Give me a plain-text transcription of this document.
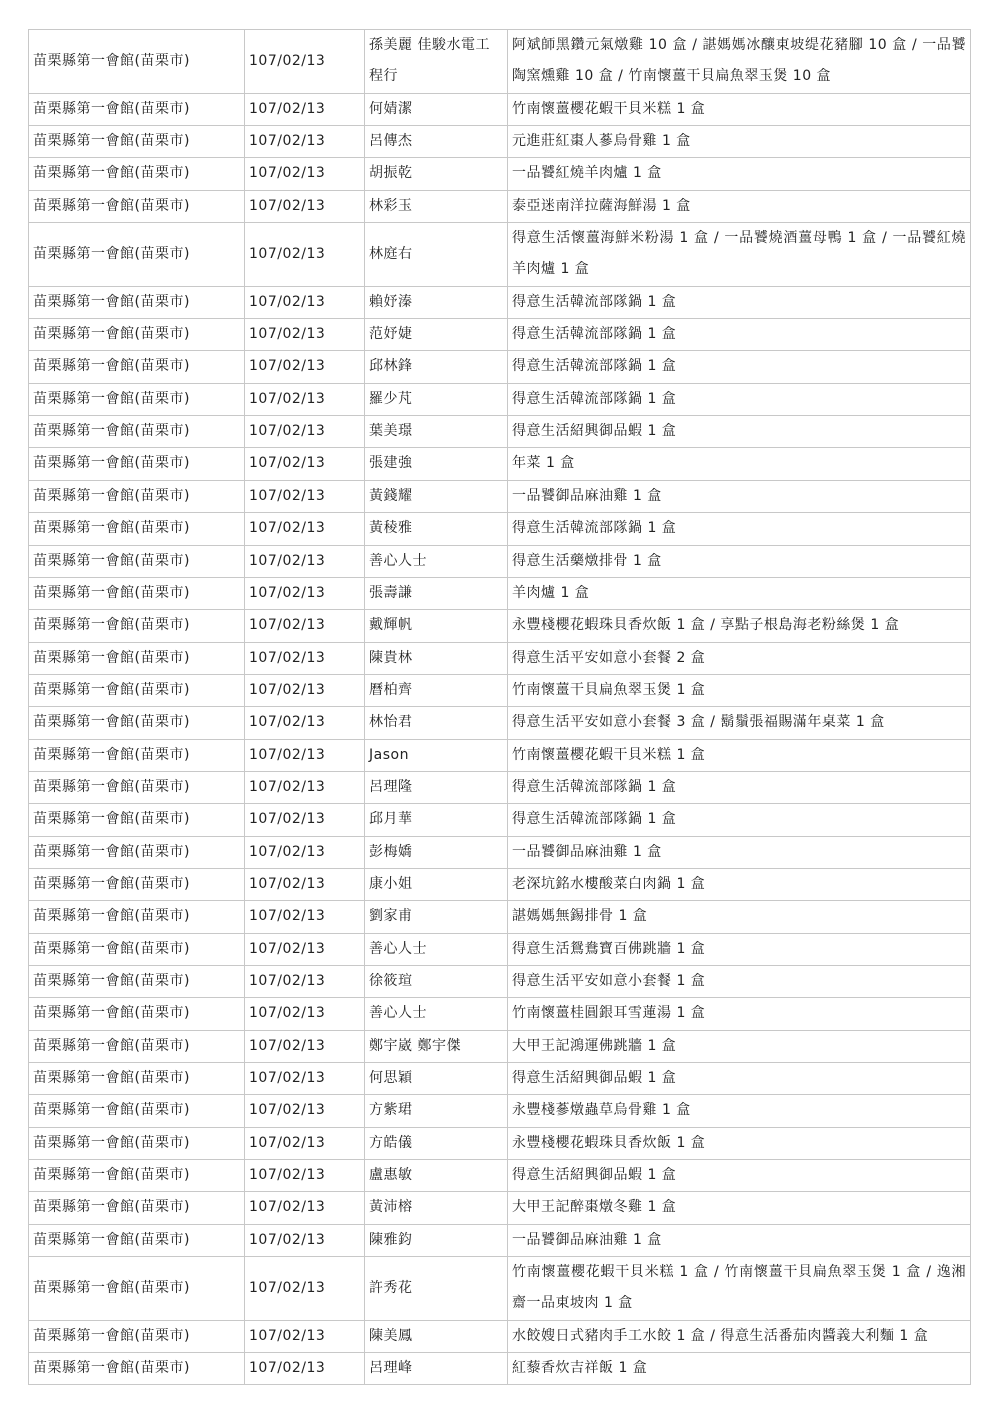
苗栗縣第一會館(苗栗市)	107/02/13	孫美麗 佳駿水電工程行	阿斌師黑鑽元氣燉雞 10 盒 / 諶媽媽冰釀東坡缇花豬腳 10 盒 / 一品饕陶窯燻雞 10 盒 / 竹南懷薑干貝扁魚翠玉煲 10 盒
苗栗縣第一會館(苗栗市)	107/02/13	何婧潔	竹南懷薑櫻花蝦干貝米糕 1 盒
苗栗縣第一會館(苗栗市)	107/02/13	呂傳杰	元進莊紅棗人蔘烏骨雞 1 盒
苗栗縣第一會館(苗栗市)	107/02/13	胡振乾	一品饕紅燒羊肉爐 1 盒
苗栗縣第一會館(苗栗市)	107/02/13	林彩玉	泰亞迷南洋拉薩海鮮湯 1 盒
苗栗縣第一會館(苗栗市)	107/02/13	林庭右	得意生活懷薑海鮮米粉湯 1 盒 / 一品饕燒酒薑母鴨 1 盒 / 一品饕紅燒羊肉爐 1 盒
苗栗縣第一會館(苗栗市)	107/02/13	賴妤溱	得意生活韓流部隊鍋 1 盒
苗栗縣第一會館(苗栗市)	107/02/13	范妤婕	得意生活韓流部隊鍋 1 盒
苗栗縣第一會館(苗栗市)	107/02/13	邱林鋒	得意生活韓流部隊鍋 1 盒
苗栗縣第一會館(苗栗市)	107/02/13	羅少芃	得意生活韓流部隊鍋 1 盒
苗栗縣第一會館(苗栗市)	107/02/13	葉美璟	得意生活紹興御品蝦 1 盒
苗栗縣第一會館(苗栗市)	107/02/13	張建強	年菜 1 盒
苗栗縣第一會館(苗栗市)	107/02/13	黃錢耀	一品饕御品麻油雞 1 盒
苗栗縣第一會館(苗栗市)	107/02/13	黃稜雅	得意生活韓流部隊鍋 1 盒
苗栗縣第一會館(苗栗市)	107/02/13	善心人士	得意生活藥燉排骨 1 盒
苗栗縣第一會館(苗栗市)	107/02/13	張壽謙	羊肉爐 1 盒
苗栗縣第一會館(苗栗市)	107/02/13	戴輝帆	永豐棧櫻花蝦珠貝香炊飯 1 盒 / 享點子根島海老粉絲煲 1 盒
苗栗縣第一會館(苗栗市)	107/02/13	陳貴林	得意生活平安如意小套餐 2 盒
苗栗縣第一會館(苗栗市)	107/02/13	曆柏齊	竹南懷薑干貝扁魚翠玉煲 1 盒
苗栗縣第一會館(苗栗市)	107/02/13	林怡君	得意生活平安如意小套餐 3 盒 / 鬍鬚張福賜滿年桌菜 1 盒
苗栗縣第一會館(苗栗市)	107/02/13	Jason	竹南懷薑櫻花蝦干貝米糕 1 盒
苗栗縣第一會館(苗栗市)	107/02/13	呂理隆	得意生活韓流部隊鍋 1 盒
苗栗縣第一會館(苗栗市)	107/02/13	邱月華	得意生活韓流部隊鍋 1 盒
苗栗縣第一會館(苗栗市)	107/02/13	彭梅嬌	一品饕御品麻油雞 1 盒
苗栗縣第一會館(苗栗市)	107/02/13	康小姐	老深坑銘水樓酸菜白肉鍋 1 盒
苗栗縣第一會館(苗栗市)	107/02/13	劉家甫	諶媽媽無錫排骨 1 盒
苗栗縣第一會館(苗栗市)	107/02/13	善心人士	得意生活鴛鴦寶百佛跳牆 1 盒
苗栗縣第一會館(苗栗市)	107/02/13	徐筱瑄	得意生活平安如意小套餐 1 盒
苗栗縣第一會館(苗栗市)	107/02/13	善心人士	竹南懷薑桂圓銀耳雪蓮湯 1 盒
苗栗縣第一會館(苗栗市)	107/02/13	鄭宇崴 鄭宇傑	大甲王記鴻運佛跳牆 1 盒
苗栗縣第一會館(苗栗市)	107/02/13	何思穎	得意生活紹興御品蝦 1 盒
苗栗縣第一會館(苗栗市)	107/02/13	方紫珺	永豐棧蔘燉蟲草烏骨雞 1 盒
苗栗縣第一會館(苗栗市)	107/02/13	方皓儀	永豐棧櫻花蝦珠貝香炊飯 1 盒
苗栗縣第一會館(苗栗市)	107/02/13	盧惠敏	得意生活紹興御品蝦 1 盒
苗栗縣第一會館(苗栗市)	107/02/13	黃沛榕	大甲王記醉棗燉冬雞 1 盒
苗栗縣第一會館(苗栗市)	107/02/13	陳雅鈞	一品饕御品麻油雞 1 盒
苗栗縣第一會館(苗栗市)	107/02/13	許秀花	竹南懷薑櫻花蝦干貝米糕 1 盒 / 竹南懷薑干貝扁魚翠玉煲 1 盒 / 逸湘齋一品東坡肉 1 盒
苗栗縣第一會館(苗栗市)	107/02/13	陳美鳳	水餃嫂日式豬肉手工水餃 1 盒 / 得意生活番茄肉醬義大利麵 1 盒
苗栗縣第一會館(苗栗市)	107/02/13	呂理峰	紅藜香炊吉祥飯 1 盒
